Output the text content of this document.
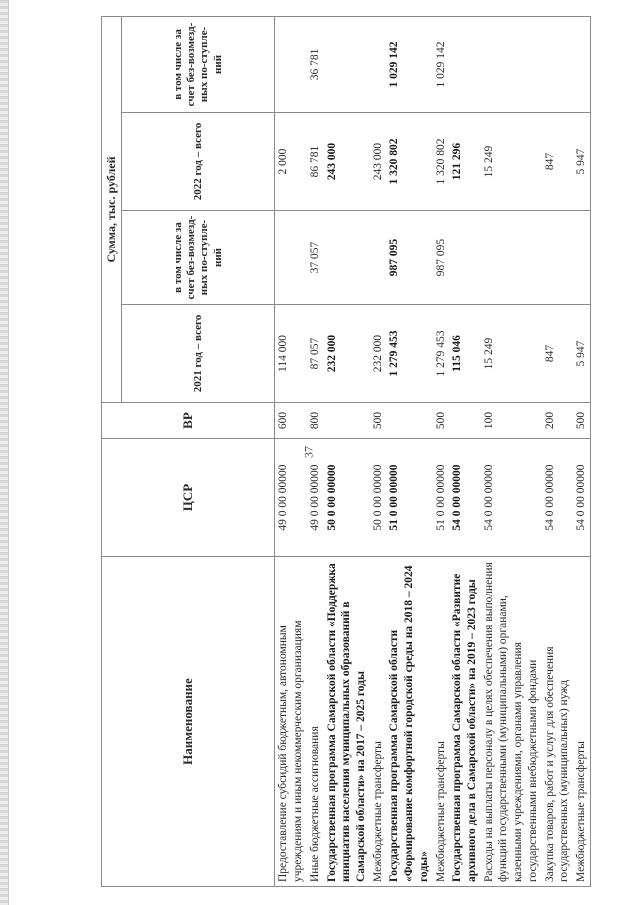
37
Наименование	ЦСР	ВР	Сумма, тыс. рублей			
			2021 год – всего	в том числе за счет без-возмезд-ных по-ступле-ний	2022 год – всего	в том числе за счет без-возмезд-ных по-ступле-ний
Предоставление субсидий бюджетным, автономным учреждениям и иным некоммерческим организациям	49 0 00 00000	600	114 000		2 000	
Иные бюджетные ассигнования	49 0 00 00000	800	87 057	37 057	86 781	36 781
Государственная программа Самарской области «Поддержка инициатив населения муниципальных образований в Самарской области» на 2017 – 2025 годы	50 0 00 00000		232 000		243 000	
Межбюджетные трансферты	50 0 00 00000	500	232 000		243 000	
Государственная программа Самарской области «Формирование комфортной городской среды на 2018 – 2024 годы»	51 0 00 00000		1 279 453	987 095	1 320 802	1 029 142
Межбюджетные трансферты	51 0 00 00000	500	1 279 453	987 095	1 320 802	1 029 142
Государственная программа Самарской области «Развитие архивного дела в Самарской области» на 2019 – 2023 годы	54 0 00 00000		115 046		121 296	
Расходы на выплаты персоналу в целях обеспечения выполнения функций государственными (муниципальными) органами, казенными учреждениями, органами управления государственными внебюджетными фондами	54 0 00 00000	100	15 249		15 249	
Закупка товаров, работ и услуг для обеспечения государственных (муниципальных) нужд	54 0 00 00000	200	847		847	
Межбюджетные трансферты	54 0 00 00000	500	5 947		5 947	
